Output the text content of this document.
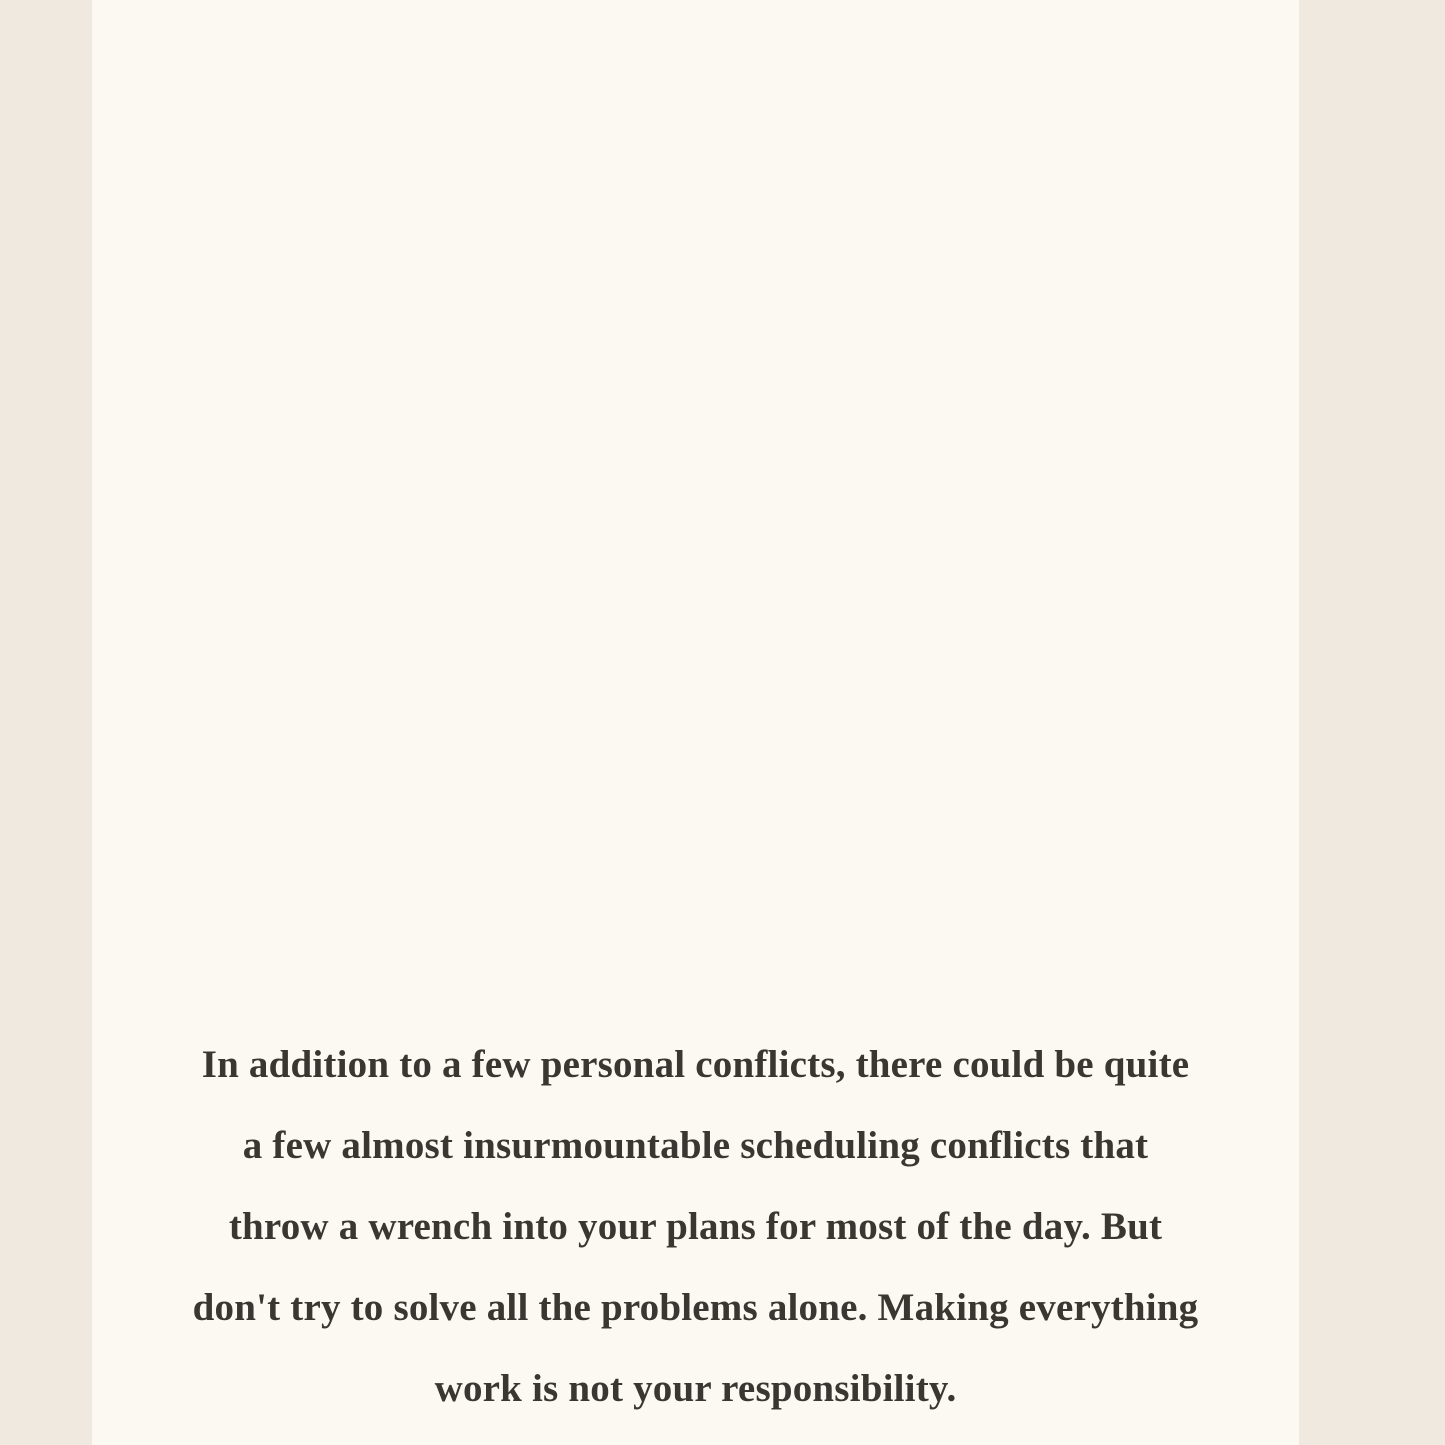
In addition to a few personal conflicts, there could be quite a few almost insurmountable scheduling conflicts that throw a wrench into your plans for most of the day. But don't try to solve all the problems alone. Making everything work is not your responsibility.
